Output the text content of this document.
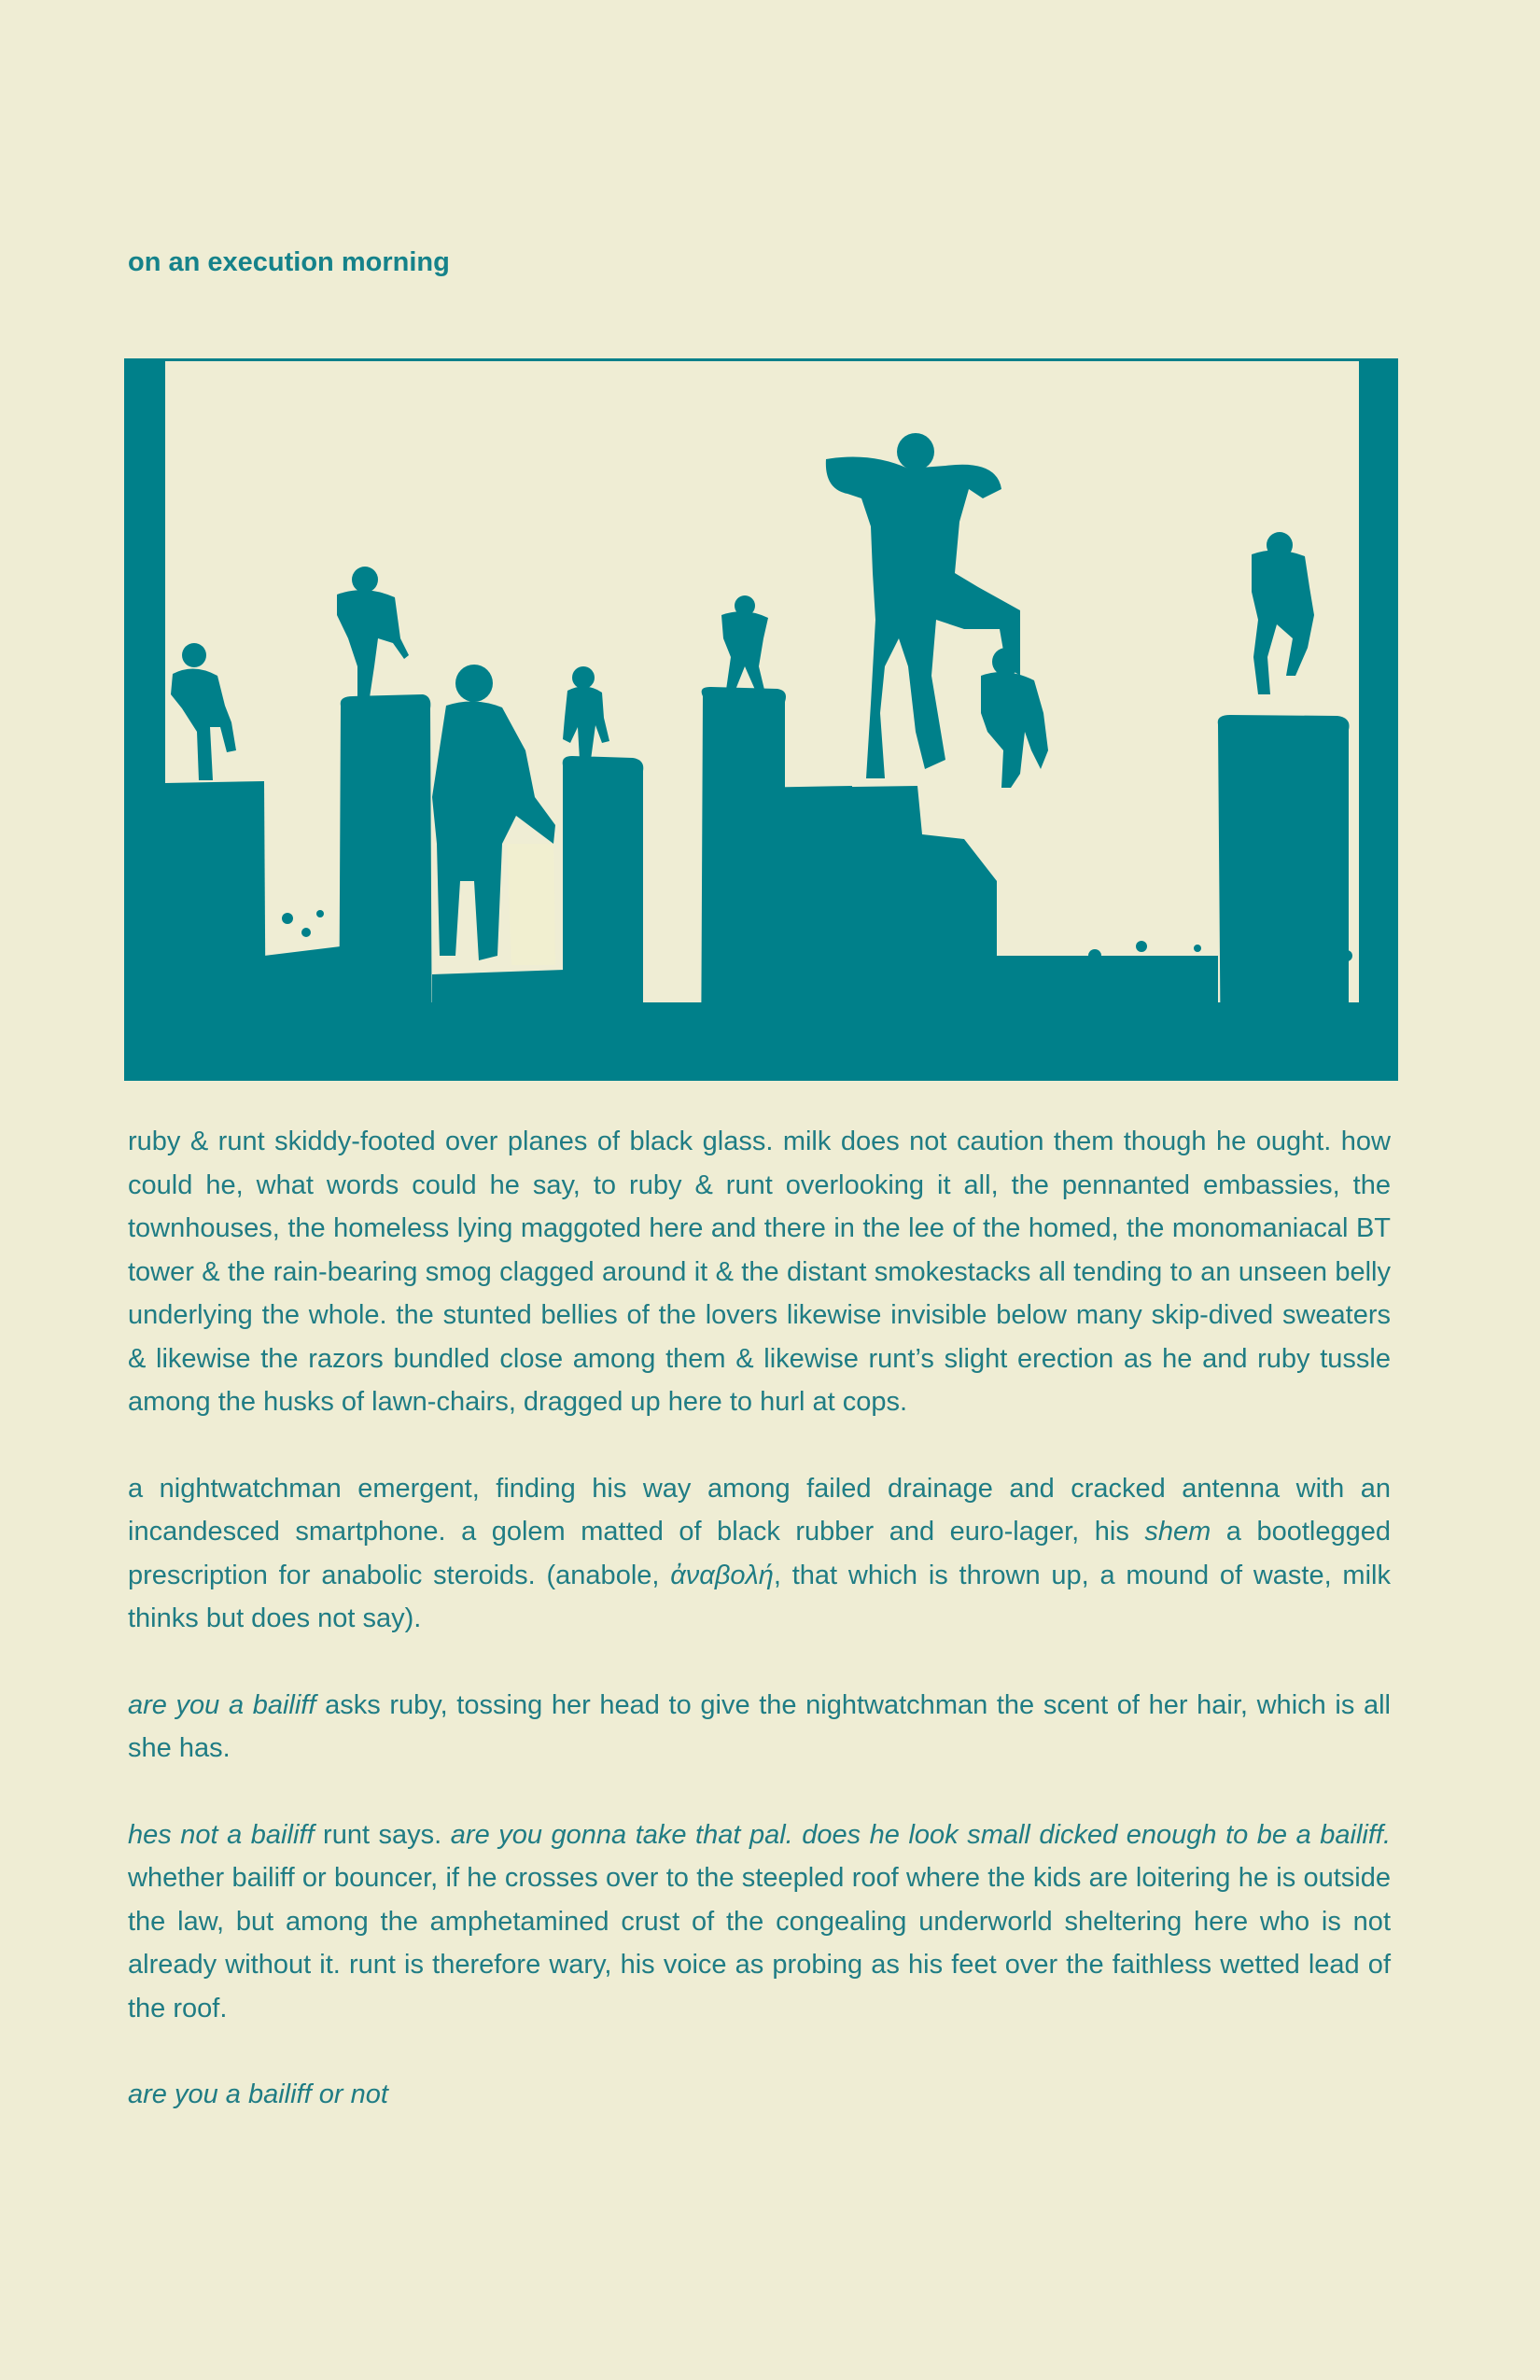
on an execution morning

ruby & runt skiddy-footed over planes of black glass. milk does not caution them though he ought. how could he, what words could he say, to ruby & runt overlooking it all, the pennanted embassies, the townhouses, the homeless lying maggoted here and there in the lee of the homed, the monomaniacal BT tower & the rain-bearing smog clagged around it & the distant smokestacks all tending to an unseen belly underlying the whole. the stunted bellies of the lovers likewise invisible below many skip-dived sweaters & likewise the razors bundled close among them & likewise runt’s slight erection as he and ruby tussle among the husks of lawn-chairs, dragged up here to hurl at cops.

a nightwatchman emergent, finding his way among failed drainage and cracked antenna with an incandesced smartphone. a golem matted of black rubber and euro-lager, his shem a bootlegged prescription for anabolic steroids. (anabole, ἀναβολή, that which is thrown up, a mound of waste, milk thinks but does not say).

are you a bailiff asks ruby, tossing her head to give the nightwatchman the scent of her hair, which is all she has.

hes not a bailiff runt says. are you gonna take that pal. does he look small dicked enough to be a bailiff. whether bailiff or bouncer, if he crosses over to the steepled roof where the kids are loitering he is outside the law, but among the amphetamined crust of the congealing underworld sheltering here who is not already without it. runt is therefore wary, his voice as probing as his feet over the faithless wetted lead of the roof.

are you a bailiff or not
